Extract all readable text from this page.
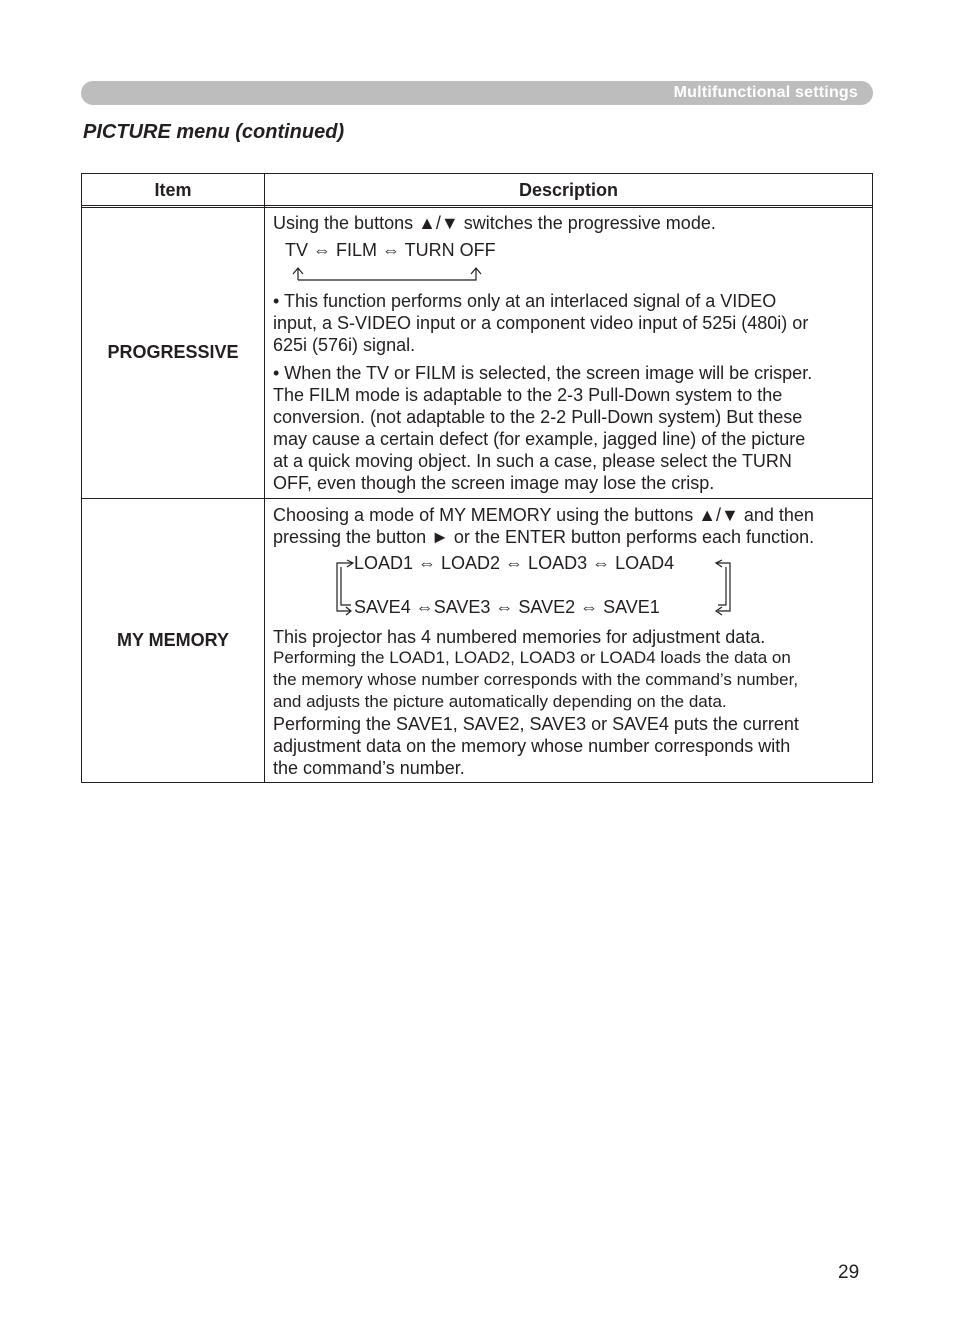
Multifunctional settings
PICTURE menu (continued)
Item	Description
PROGRESSIVE
MY MEMORY
Using the buttons ▲/▼ switches the progressive mode.
TV ⇔ FILM ⇔ TURN OFF
• This function performs only at an interlaced signal of a VIDEO
input, a S-VIDEO input or a component video input of 525i (480i) or
625i (576i) signal.
• When the TV or FILM is selected, the screen image will be crisper.
The FILM mode is adaptable to the 2-3 Pull-Down system to the
conversion. (not adaptable to the 2-2 Pull-Down system) But these
may cause a certain defect (for example, jagged line) of the picture
at a quick moving object. In such a case, please select the TURN
OFF, even though the screen image may lose the crisp.
Choosing a mode of MY MEMORY using the buttons ▲/▼ and then
pressing the button ► or the ENTER button performs each function.
LOAD1 ⇔ LOAD2 ⇔ LOAD3 ⇔ LOAD4
SAVE4 ⇔SAVE3 ⇔ SAVE2 ⇔ SAVE1
This projector has 4 numbered memories for adjustment data.
Performing the LOAD1, LOAD2, LOAD3 or LOAD4 loads the data on
the memory whose number corresponds with the command’s number,
and adjusts the picture automatically depending on the data.
Performing the SAVE1, SAVE2, SAVE3 or SAVE4 puts the current
adjustment data on the memory whose number corresponds with
the command’s number.
29
